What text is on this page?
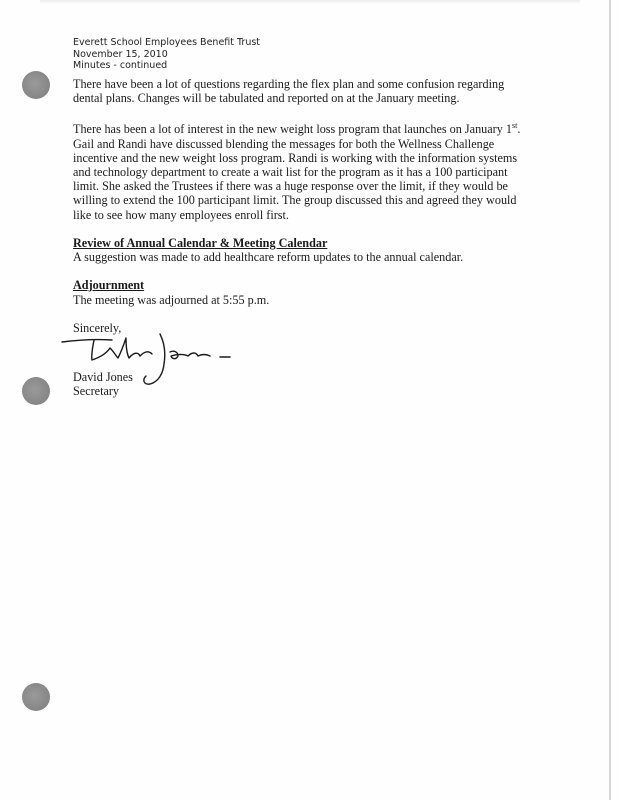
Everett School Employees Benefit Trust
November 15, 2010
Minutes - continued

There have been a lot of questions regarding the flex plan and some confusion regarding

dental plans. Changes will be tabulated and reported on at the January meeting.

There has been a lot of interest in the new weight loss program that launches on January 1st.

Gail and Randi have discussed blending the messages for both the Wellness Challenge

incentive and the new weight loss program. Randi is working with the information systems

and technology department to create a wait list for the program as it has a 100 participant

limit. She asked the Trustees if there was a huge response over the limit, if they would be

willing to extend the 100 participant limit. The group discussed this and agreed they would

like to see how many employees enroll first.

Review of Annual Calendar & Meeting Calendar

A suggestion was made to add healthcare reform updates to the annual calendar.

Adjournment

The meeting was adjourned at 5:55 p.m.

Sincerely,

David Jones
Secretary
